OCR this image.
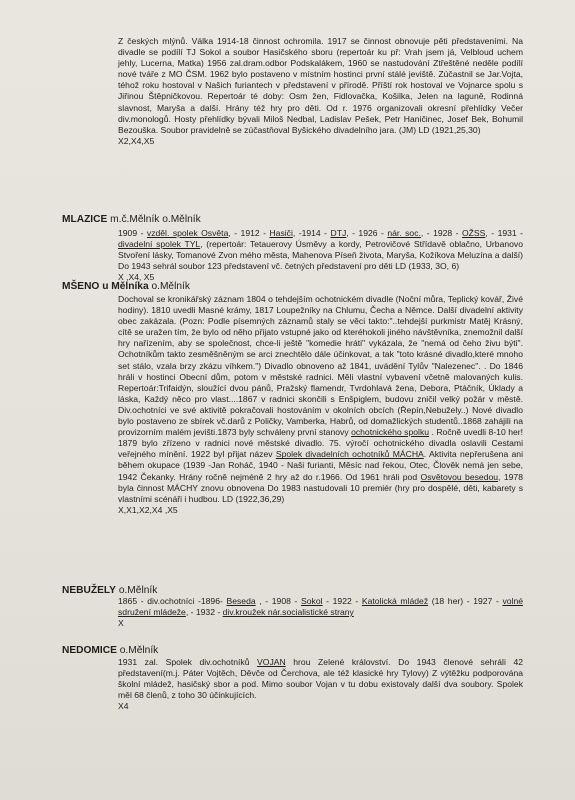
Z českých mlýnů. Válka 1914-18 činnost ochromila. 1917 se činnost obnovuje pěti představeními. Na divadle se podílí TJ Sokol a soubor Hasičského sboru (repertoár ku př: Vrah jsem já, Velbloud uchem jehly, Lucerna, Matka) 1956 zal.dram.odbor Podskalákem, 1960 se nastudování Ztřeštěné neděle podílí nové tváře z MO ČSM. 1962 bylo postaveno v místním hostinci první stálé jeviště. Zúčastnil se Jar.Vojta, téhož roku hostoval v Našich furiantech v představení v přírodě. Příští rok hostoval ve Vojnarce spolu s Jiřinou Štěpničkovou. Repertoár té doby: Osm žen, Fidlovačka, Košilka, Jelen na laguně, Rodinná slavnost, Maryša a další. Hrány též hry pro děti. Od r. 1976 organizovali okresní přehlídky Večer div.monologů. Hosty přehlídky bývali Miloš Nedbal, Ladislav Pešek, Petr Haničinec, Josef Bek, Bohumil Bezouška. Soubor pravidelně se zúčastňoval Byšického divadelního jara. (JM) LD (1921,25,30)

X2,X4,X5
MLAZICE m.č.Mělník o.Mělník

1909 - vzděl. spolek Osvěta, - 1912 - Hasiči, -1914 - DTJ, - 1926 - nár. soc., - 1928 - OŽSS, - 1931 - divadelní spolek TYL, (repertoár: Tetauerovy Úsměvy a kordy, Petrovičové Střídavě oblačno, Urbanovo Stvoření lásky, Tomanové Zvon mého města, Mahenova Píseň života, Maryša, Kožíkova Meluzína a další) Do 1943 sehrál soubor 123 představení vč. četných představení pro děti LD (1933, 3O, 6)

X ,X4, X5
MŠENO u Mělníka o.Mělník

Dochoval se kronikářský záznam 1804 o tehdejším ochotnickém divadle (Noční můra, Teplický kovář, Živé hodiny). 1810 uvedli Masné krámy, 1817 Loupežníky na Chlumu, Čecha a Němce. Další divadelní aktivity obec zakázala. (Pozn: Podle písemných záznamů staly se věci takto:"..tehdejší purkmistr Matěj Krásný, cítě se uražen tím, že bylo od něho přijato vstupné jako od kteréhokoli jiného návštěvníka, znemožnil další hry nařízením, aby se společnost, chce-li ještě "komedie hráti" vykázala, že "nemá od čeho živu býti". Ochotníkům takto zesměšněným se arci znechtělo dále účinkovat, a tak "toto krásné divadlo,které mnoho set stálo, vzala brzy zkázu víhkem.") Divadlo obnoveno až 1841, uvádění Tylův "Nalezenec". . Do 1846 hráli v hostinci Obecní dům, potom v městské radnici. Měli vlastní vybavení včetně malovaných kulis. Repertoár:Trifaidýn, sloužící dvou pánů, Pražský flamendr, Tvrdohlavá žena, Debora, Ptáčník, Úklady a láska, Každý něco pro vlast....1867 v radnici skončili s Enšpiglem, budovu zničil velký požár v městě. Div.ochotníci ve své aktivitě pokračovali hostováním v okolních obcích (Řepín,Nebužely..) Nové divadlo bylo postaveno ze sbírek vč.darů z Poličky, Vamberka, Habrů, od domažlických studentů..1868 zahájili na provizorním malém jevišti.1873 byly schváleny první stanovy ochotnického spolku . Ročně uvedli 8-10 her! 1879 bylo zřízeno v radnici nové městské divadlo. 75. výročí ochotnického divadla oslavili Cestami veřejného mínění. 1922 byl přijat název Spolek divadelních ochotníků MÁCHA. Aktivita nepřerušena ani během okupace (1939 -Jan Roháč, 1940 - Naši furianti, Měsíc nad řekou, Otec, Člověk nemá jen sebe, 1942 Čekanky. Hrány ročně nejméně 2 hry až do r.1966. Od 1961 hráli pod Osvětovou besedou, 1978 byla činnost MÁCHY znovu obnovena Do 1983 nastudovali 10 premiér (hry pro dospělé, děti, kabarety s vlastními scénáři i hudbou. LD (1922,36,29)

X,X1,X2,X4 ,X5
NEBUŽELY o.Mělník

1865 - div.ochotníci -1896- Beseda , - 1908 - Sokol - 1922 - Katolická mládež (18 her) - 1927 - volné sdružení mládeže, - 1932 - div.kroužek nár.socialistické strany

X
NEDOMICE o.Mělník

1931 zal. Spolek div.ochotníků VOJAN hrou Zelené království. Do 1943 členové sehráli 42 představení(m.j. Páter Vojtěch, Děvče od Čerchova, ale též klasické hry Tylovy) Z výtěžku podporována školní mládež, hasičský sbor a pod. Mimo soubor Vojan v tu dobu existovaly další dva soubory. Spolek měl 68 členů, z toho 30 účinkujících.

X4
